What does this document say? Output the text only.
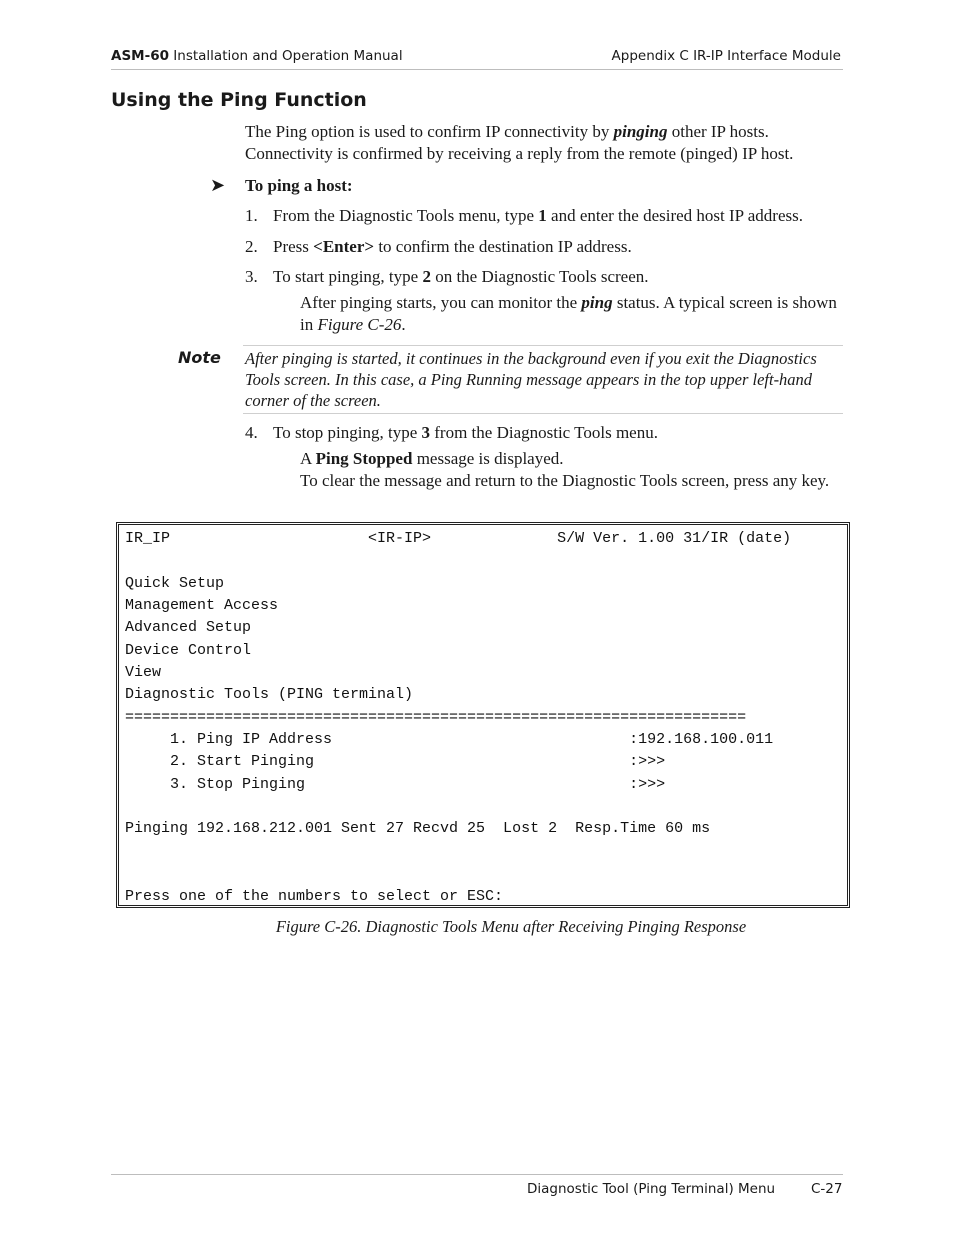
ASM-60 Installation and Operation Manual	Appendix C IR-IP Interface Module
Using the Ping Function
The Ping option is used to confirm IP connectivity by pinging other IP hosts. Connectivity is confirmed by receiving a reply from the remote (pinged) IP host.
➤ To ping a host:
1. From the Diagnostic Tools menu, type 1 and enter the desired host IP address.
2. Press <Enter> to confirm the destination IP address.
3. To start pinging, type 2 on the Diagnostic Tools screen.
After pinging starts, you can monitor the ping status. A typical screen is shown in Figure C-26.
Note After pinging is started, it continues in the background even if you exit the Diagnostics Tools screen. In this case, a Ping Running message appears in the top upper left-hand corner of the screen.
4. To stop pinging, type 3 from the Diagnostic Tools menu.
A Ping Stopped message is displayed.
To clear the message and return to the Diagnostic Tools screen, press any key.

IR_IP                      <IR-IP>              S/W Ver. 1.00 31/IR (date)

Quick Setup

Management Access

Advanced Setup

Device Control

View

Diagnostic Tools (PING terminal)

=====================================================================

1. Ping IP Address                                 :192.168.100.011

2. Start Pinging                                   :>>>

3. Stop Pinging                                    :>>>

Pinging 192.168.212.001 Sent 27 Recvd 25  Lost 2  Resp.Time 60 ms

Press one of the numbers to select or ESC:

Figure C-26. Diagnostic Tools Menu after Receiving Pinging Response
Diagnostic Tool (Ping Terminal) Menu	C-27
